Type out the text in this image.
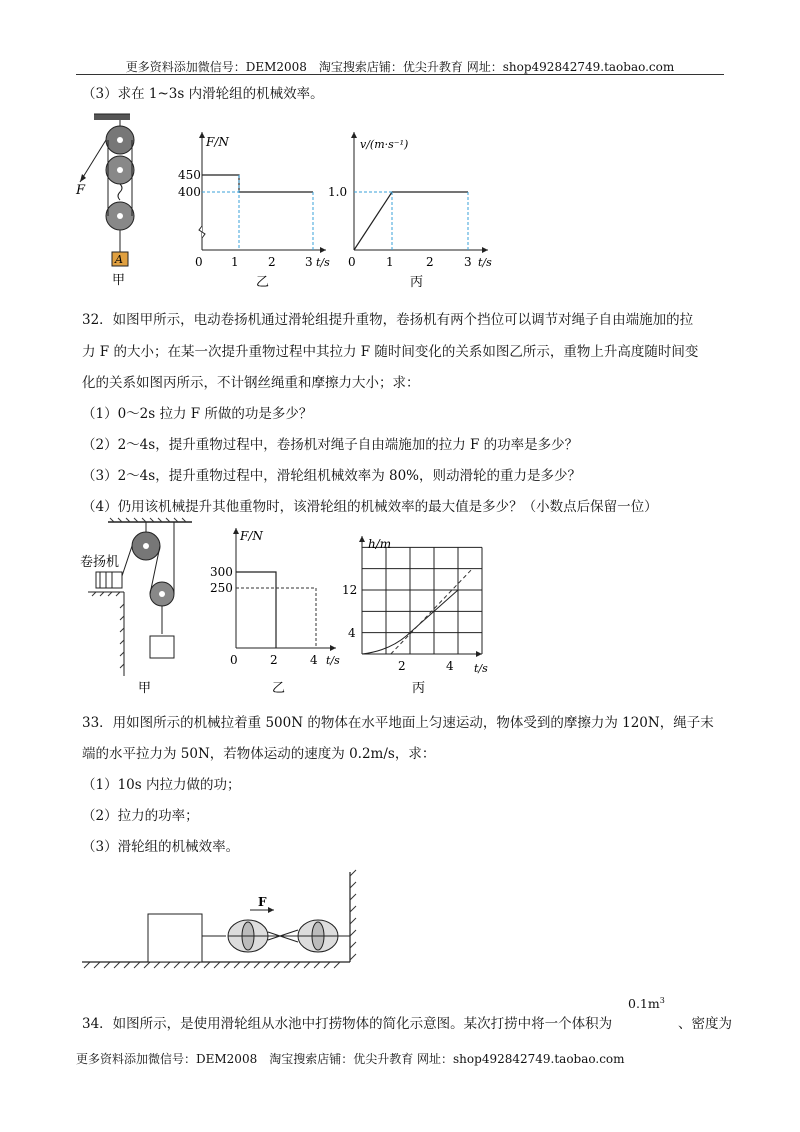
更多资料添加微信号：DEM2008　淘宝搜索店铺：优尖升教育 网址：shop492842749.taobao.com
（3）求在 1~3s 内滑轮组的机械效率。
F
A
甲
F/N
t/s
450
400
0 1 2 3
乙
v/(m·s⁻¹)
t/s
1.0
0	1	2	3
丙
32．如图甲所示，电动卷扬机通过滑轮组提升重物，卷扬机有两个挡位可以调节对绳子自由端施加的拉
力 F 的大小；在某一次提升重物过程中其拉力 F 随时间变化的关系如图乙所示，重物上升高度随时间变
化的关系如图丙所示，不计钢丝绳重和摩擦力大小；求：
（1）0～2s 拉力 F 所做的功是多少？
（2）2～4s，提升重物过程中，卷扬机对绳子自由端施加的拉力 F 的功率是多少？
（3）2～4s，提升重物过程中，滑轮组机械效率为 80%，则动滑轮的重力是多少？
（4）仍用该机械提升其他重物时，该滑轮组的机械效率的最大值是多少？（小数点后保留一位）
卷扬机
甲
F/N
t/s
300
250
0	2	4
乙
h/m
t/s
12
4
2	4
丙
33．用如图所示的机械拉着重 500N 的物体在水平地面上匀速运动，物体受到的摩擦力为 120N，绳子末
端的水平拉力为 50N，若物体运动的速度为 0.2m/s，求：
（1）10s 内拉力做的功；
（2）拉力的功率；
（3）滑轮组的机械效率。
F
34．如图所示，是使用滑轮组从水池中打捞物体的简化示意图。某次打捞中将一个体积为
$0.1m^3$
、密度为
更多资料添加微信号：DEM2008　淘宝搜索店铺：优尖升教育 网址：shop492842749.taobao.com
